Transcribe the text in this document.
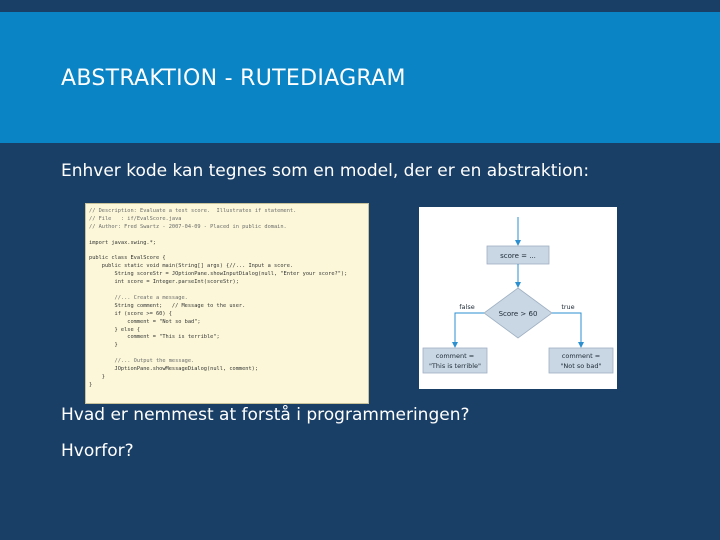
ABSTRAKTION - RUTEDIAGRAM

Enhver kode kan tegnes som en model, der er en abstraktion:

// Description: Evaluate a test score.  Illustrates if statement.
// File   : if/EvalScore.java
// Author: Fred Swartz - 2007-04-09 - Placed in public domain.
import javax.swing.*;
public class EvalScore {
public static void main(String[] args) {//... Input a score.
String scoreStr = JOptionPane.showInputDialog(null, "Enter your score?");
int score = Integer.parseInt(scoreStr);
//... Create a message.
String comment;   // Message to the user.
if (score >= 60) {
comment = "Not so bad";
} else {
comment = "This is terrible";
}
//... Output the message.
JOptionPane.showMessageDialog(null, comment);
}
}
score = ...
Score > 60
false	true
comment =
"This is terrible"
comment =
"Not so bad"

Hvad er nemmest at forstå i programmeringen?

Hvorfor?
